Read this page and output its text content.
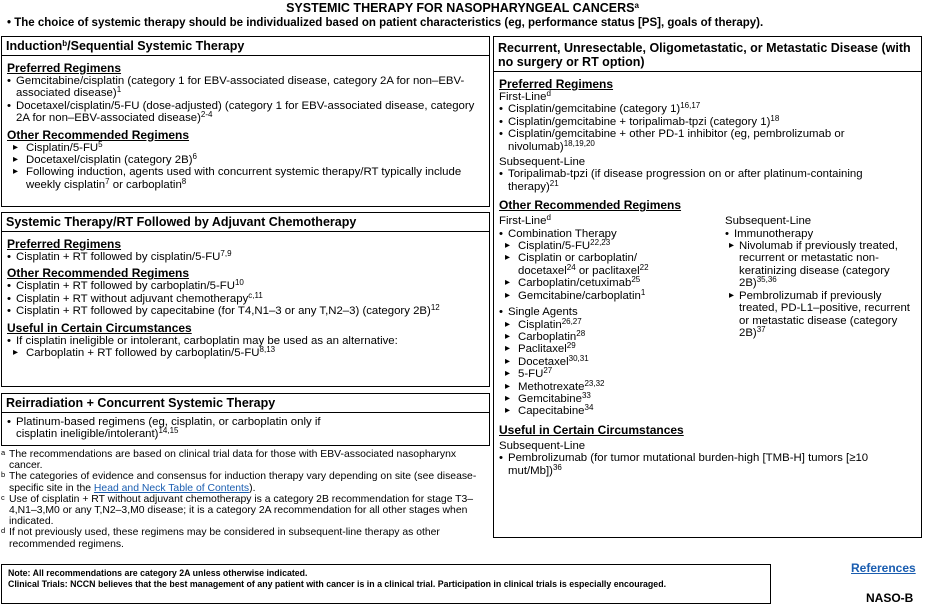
SYSTEMIC THERAPY FOR NASOPHARYNGEAL CANCERS$^a$
• The choice of systemic therapy should be individualized based on patient characteristics (eg, performance status [PS], goals of therapy).
Induction$^b$/Sequential Systemic Therapy
Preferred Regimens
• Gemcitabine/cisplatin (category 1 for EBV-associated disease, category 2A for non–EBV-associated disease)$^1$
• Docetaxel/cisplatin/5-FU (dose-adjusted) (category 1 for EBV-associated disease, category 2A for non–EBV-associated disease)$^{2-4}$
Other Recommended Regimens
▸ Cisplatin/$5-FU^5$
▸ Docetaxel/cisplatin (category 2B)$^6$
▸ Following induction, agents used with concurrent systemic therapy/RT typically include weekly cisplatin$^7$ or carboplatin$^8$
Systemic Therapy/RT Followed by Adjuvant Chemotherapy
Preferred Regimens
• Cisplatin + RT followed by cisplatin/5-FU$^{7,9}$
Other Recommended Regimens
• Cisplatin + RT followed by carboplatin/5-FU$^{10}$
• Cisplatin + RT without adjuvant chemotherapy$^{c,11}$
• Cisplatin + RT followed by capecitabine (for T4,N1–3 or any T,N2–3) (category 2B)$^{12}$
Useful in Certain Circumstances
• If cisplatin ineligible or intolerant, carboplatin may be used as an alternative:
▸ Carboplatin + RT followed by carboplatin/5-FU$^{8,13}$
Reirradiation + Concurrent Systemic Therapy
• Platinum-based regimens (eg, cisplatin, or carboplatin only if cisplatin ineligible/intolerant)$^{14,15}$
Recurrent, Unresectable, Oligometastatic, or Metastatic Disease (with no surgery or RT option)
Preferred Regimens
First-Line$^d$
• Cisplatin/gemcitabine (category 1)$^{16,17}$
• Cisplatin/gemcitabine + toripalimab-tpzi (category 1)$^{18}$
• Cisplatin/gemcitabine + other PD-1 inhibitor (eg, pembrolizumab or nivolumab)$^{18,19,20}$
Subsequent-Line
• Toripalimab-tpzi (if disease progression on or after platinum-containing therapy)$^{21}$
Other Recommended Regimens
First-Line$^d$
• Combination Therapy
▸ Cisplatin/5-FU$^{22,23}$
▸ Cisplatin or carboplatin/ docetaxel$^{24}$ or paclitaxel$^{22}$
▸ Carboplatin/cetuximab$^{25}$
▸ Gemcitabine/carboplatin$^1$
• Single Agents
▸ Cisplatin$^{26,27}$
▸ Carboplatin$^{28}$
▸ Paclitaxel$^{29}$
▸ Docetaxel$^{30,31}$
▸ 5-FU$^{27}$
▸ Methotrexate$^{23,32}$
▸ Gemcitabine$^{33}$
▸ Capecitabine$^{34}$
Subsequent-Line
• Immunotherapy
▸ Nivolumab if previously treated, recurrent or metastatic non-keratinizing disease (category 2B)$^{35,36}$
▸ Pembrolizumab if previously treated, PD-L1–positive, recurrent or metastatic disease (category 2B)$^{37}$
Useful in Certain Circumstances
Subsequent-Line
• Pembrolizumab (for tumor mutational burden-high [TMB-H] tumors [≥10 mut/Mb])$^{36}$
a The recommendations are based on clinical trial data for those with EBV-associated nasopharynx cancer.
b The categories of evidence and consensus for induction therapy vary depending on site (see disease-specific site in the Head and Neck Table of Contents).
c Use of cisplatin + RT without adjuvant chemotherapy is a category 2B recommendation for stage T3–4,N1–3,M0 or any T,N2–3,M0 disease; it is a category 2A recommendation for all other stages when indicated.
d If not previously used, these regimens may be considered in subsequent-line therapy as other recommended regimens.
Note: All recommendations are category 2A unless otherwise indicated.
Clinical Trials: NCCN believes that the best management of any patient with cancer is in a clinical trial. Participation in clinical trials is especially encouraged.
References
NASO-B
